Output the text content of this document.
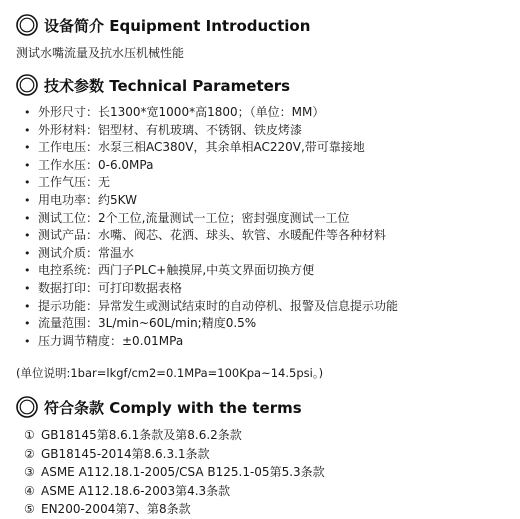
设备简介 Equipment Introduction
测试水嘴流量及抗水压机械性能
技术参数 Technical Parameters
• 外形尺寸：长1300*宽1000*高1800；（单位：MM）
• 外形材料：铝型材、有机玻璃、不锈钢、铁皮烤漆
• 工作电压：水泵三相AC380V，其余单相AC220V,带可靠接地
• 工作水压：0-6.0MPa
• 工作气压：无
• 用电功率：约5KW
• 测试工位：2个工位,流量测试一工位；密封强度测试一工位
• 测试产品：水嘴、阀芯、花洒、球头、软管、水暖配件等各种材料
• 测试介质：常温水
• 电控系统：西门子PLC+触摸屏,中英文界面切换方便
• 数据打印：可打印数据表格
• 提示功能：异常发生或测试结束时的自动停机、报警及信息提示功能
• 流量范围：3L/min~60L/min;精度0.5%
• 压力调节精度：±0.01MPa
(单位说明:1bar=lkgf/cm2=0.1MPa=100Kpa~14.5psi。)
符合条款 Comply with the terms
① GB18145第8.6.1条款及第8.6.2条款
② GB18145-2014第8.6.3.1条款
③ ASME A112.18.1-2005/CSA B125.1-05第5.3条款
④ ASME A112.18.6-2003第4.3条款
⑤ EN200-2004第7、第8条款
